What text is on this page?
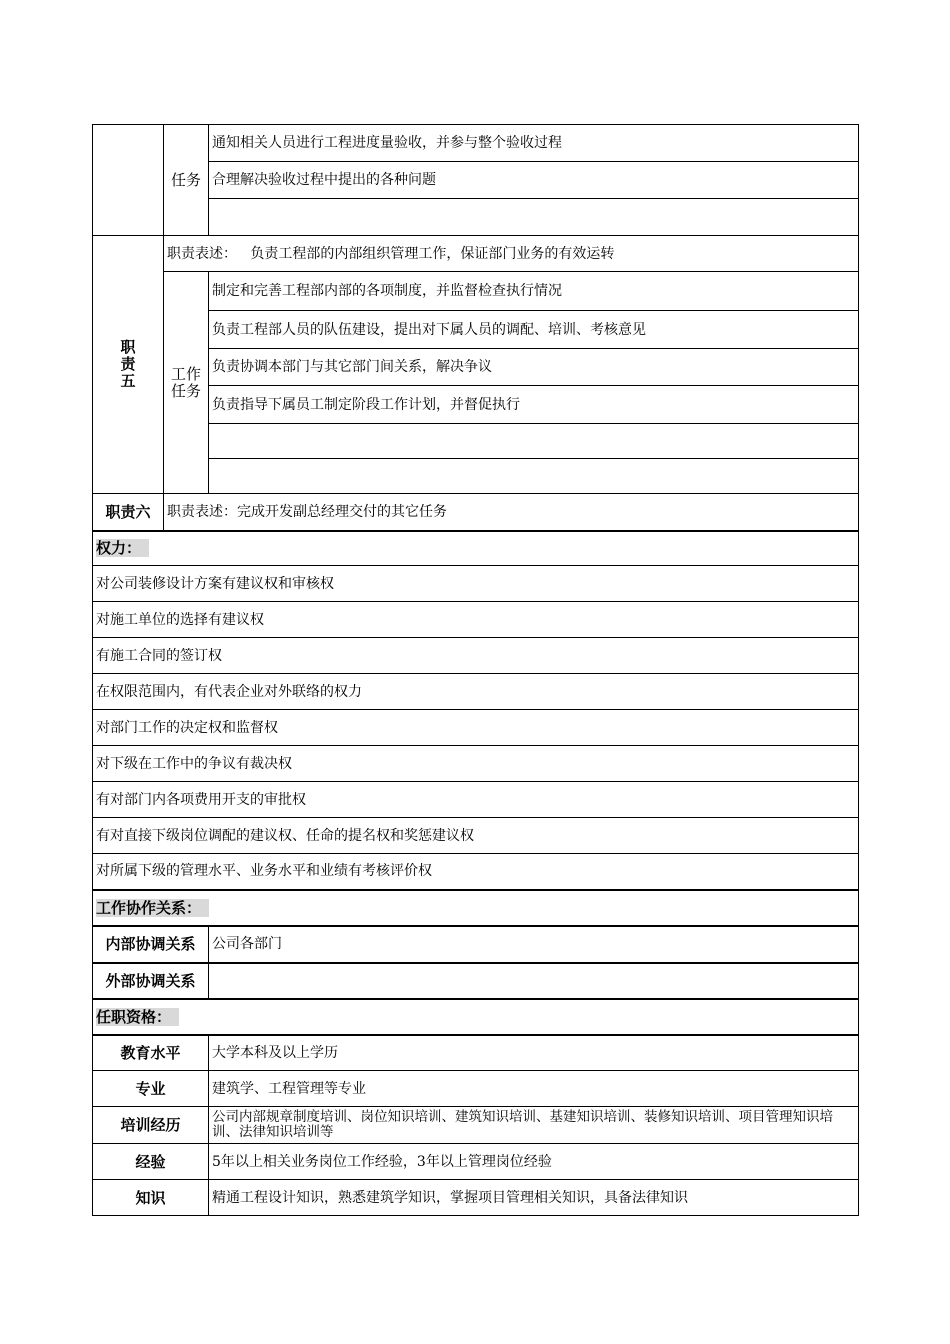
	任务	通知相关人员进行工程进度量验收，并参与整个验收过程
		合理解决验收过程中提出的各种问题

职责五	职责表述：   负责工程部的内部组织管理工作，保证部门业务的有效运转	
	工作任务	制定和完善工程部内部的各项制度，并监督检查执行情况
		负责工程部人员的队伍建设，提出对下属人员的调配、培训、考核意见
		负责协调本部门与其它部门间关系，解决争议
		负责指导下属员工制定阶段工作计划，并督促执行

职责六	职责表述：完成开发副总经理交付的其它任务	
权力：		
对公司装修设计方案有建议权和审核权		
对施工单位的选择有建议权		
有施工合同的签订权		
在权限范围内，有代表企业对外联络的权力		
对部门工作的决定权和监督权		
对下级在工作中的争议有裁决权		
有对部门内各项费用开支的审批权		
有对直接下级岗位调配的建议权、任命的提名权和奖惩建议权		
对所属下级的管理水平、业务水平和业绩有考核评价权		
工作协作关系：		
内部协调关系		公司各部门
外部协调关系		
任职资格：		
教育水平		大学本科及以上学历
专业		建筑学、工程管理等专业
培训经历		公司内部规章制度培训、岗位知识培训、建筑知识培训、基建知识培训、装修知识培训、项目管理知识培训、法律知识培训等
经验		5年以上相关业务岗位工作经验，3年以上管理岗位经验
知识		精通工程设计知识，熟悉建筑学知识，掌握项目管理相关知识，具备法律知识
